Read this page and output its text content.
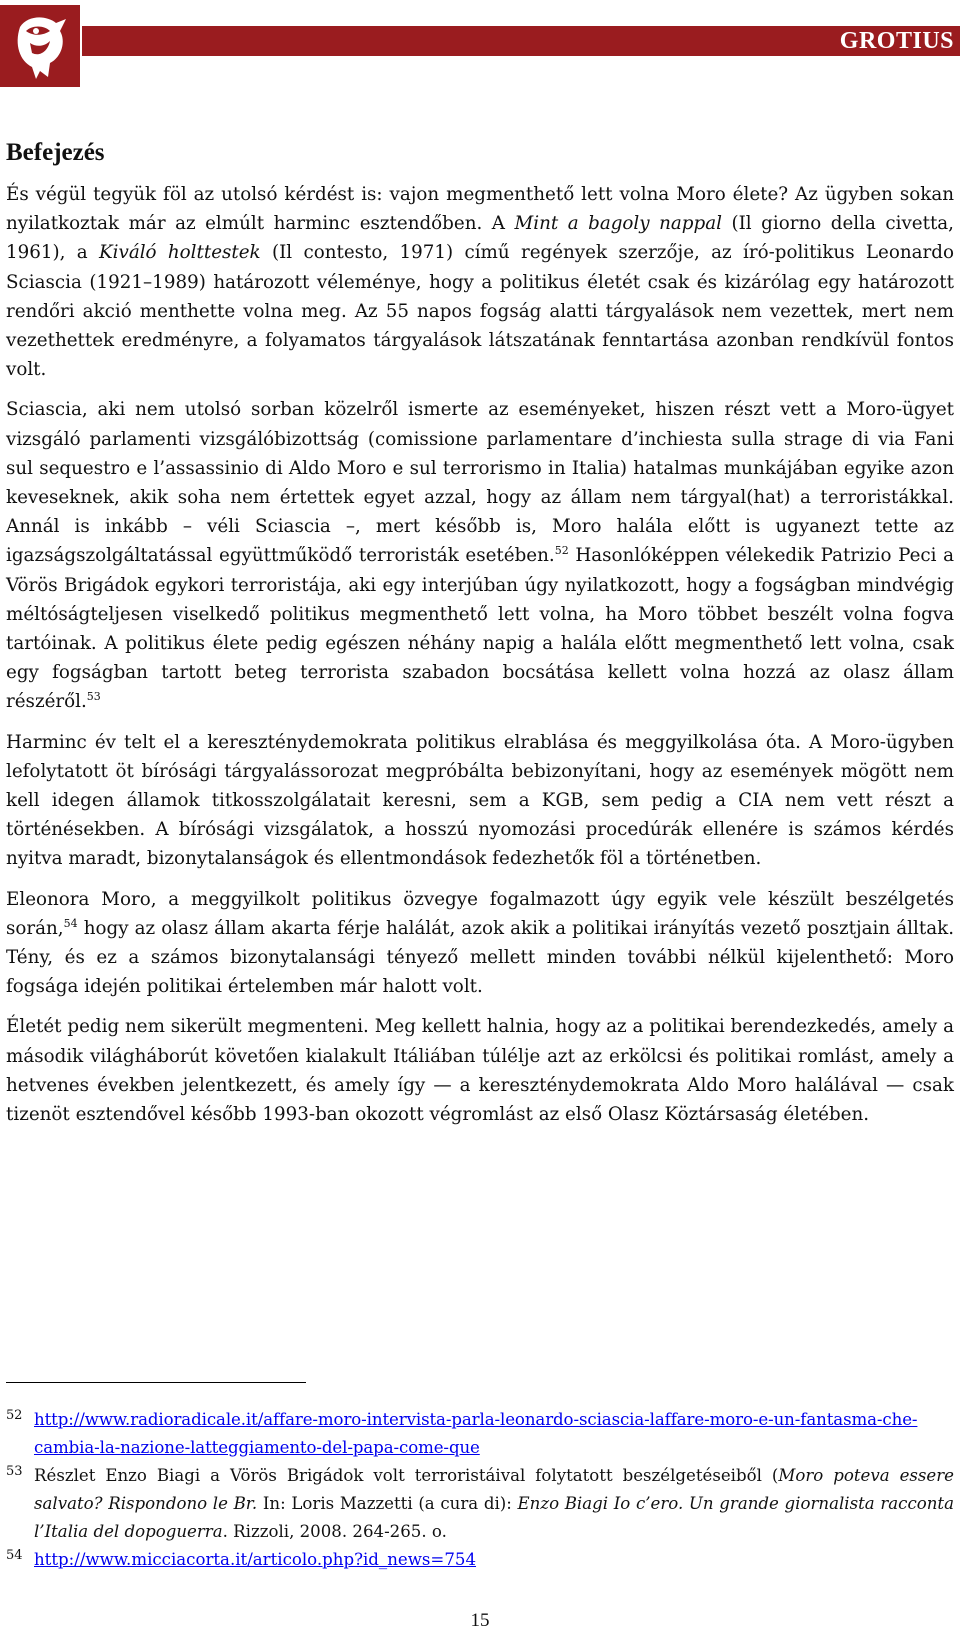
GROTIUS
Befejezés

És végül tegyük föl az utolsó kérdést is: vajon megmenthető lett volna Moro élete? Az ügyben sokan nyilatkoztak már az elmúlt harminc esztendőben. A Mint a bagoly nappal (Il giorno della civetta, 1961), a Kiváló holttestek (Il contesto, 1971) című regények szerzője, az író-politikus Leonardo Sciascia (1921–1989) határozott véleménye, hogy a politikus életét csak és kizárólag egy határozott rendőri akció menthette volna meg. Az 55 napos fogság alatti tárgyalások nem vezettek, mert nem vezethettek eredményre, a folyamatos tárgyalások látszatának fenntartása azonban rendkívül fontos volt.

Sciascia, aki nem utolsó sorban közelről ismerte az eseményeket, hiszen részt vett a Moro-ügyet vizsgáló parlamenti vizsgálóbizottság (comissione parlamentare d’inchiesta sulla strage di via Fani sul sequestro e l’assassinio di Aldo Moro e sul terrorismo in Italia) hatalmas munkájában egyike azon keveseknek, akik soha nem értettek egyet azzal, hogy az állam nem tárgyal(hat) a terroristákkal. Annál is inkább – véli Sciascia –, mert később is, Moro halála előtt is ugyanezt tette az igazságszolgáltatással együttműködő terroristák esetében.$^{52}$ Hasonlóképpen vélekedik Patrizio Peci a Vörös Brigádok egykori terroristája, aki egy interjúban úgy nyilatkozott, hogy a fogságban mindvégig méltóságteljesen viselkedő politikus megmenthető lett volna, ha Moro többet beszélt volna fogva tartóinak. A politikus élete pedig egészen néhány napig a halála előtt megmenthető lett volna, csak egy fogságban tartott beteg terrorista szabadon bocsátása kellett volna hozzá az olasz állam részéről.$^{53}$

Harminc év telt el a kereszténydemokrata politikus elrablása és meggyilkolása óta. A Moro-ügyben lefolytatott öt bírósági tárgyalássorozat megpróbálta bebizonyítani, hogy az események mögött nem kell idegen államok titkosszolgálatait keresni, sem a KGB, sem pedig a CIA nem vett részt a történésekben. A bírósági vizsgálatok, a hosszú nyomozási procedúrák ellenére is számos kérdés nyitva maradt, bizonytalanságok és ellentmondások fedezhetők föl a történetben.

Eleonora Moro, a meggyilkolt politikus özvegye fogalmazott úgy egyik vele készült beszélgetés során,$^{54}$ hogy az olasz állam akarta férje halálát, azok akik a politikai irányítás vezető posztjain álltak. Tény, és ez a számos bizonytalansági tényező mellett minden további nélkül kijelenthető: Moro fogsága idején politikai értelemben már halott volt.

Életét pedig nem sikerült megmenteni. Meg kellett halnia, hogy az a politikai berendezkedés, amely a második világháborút követően kialakult Itáliában túlélje azt az erkölcsi és politikai romlást, amely a hetvenes években jelentkezett, és amely így — a kereszténydemokrata Aldo Moro halálával — csak tizenöt esztendővel később 1993-ban okozott végromlást az első Olasz Köztársaság életében.

52 http://www.radioradicale.it/affare-moro-intervista-parla-leonardo-sciascia-laffare-moro-e-un-fantasma-che-cambia-la-nazione-latteggiamento-del-papa-come-que
53 Részlet Enzo Biagi a Vörös Brigádok volt terroristáival folytatott beszélgetéseiből (Moro poteva essere salvato? Rispondono le Br. In: Loris Mazzetti (a cura di): Enzo Biagi Io c’ero. Un grande giornalista racconta l’Italia del dopoguerra. Rizzoli, 2008. 264-265. o.
54 http://www.micciacorta.it/articolo.php?id_news=754
15
